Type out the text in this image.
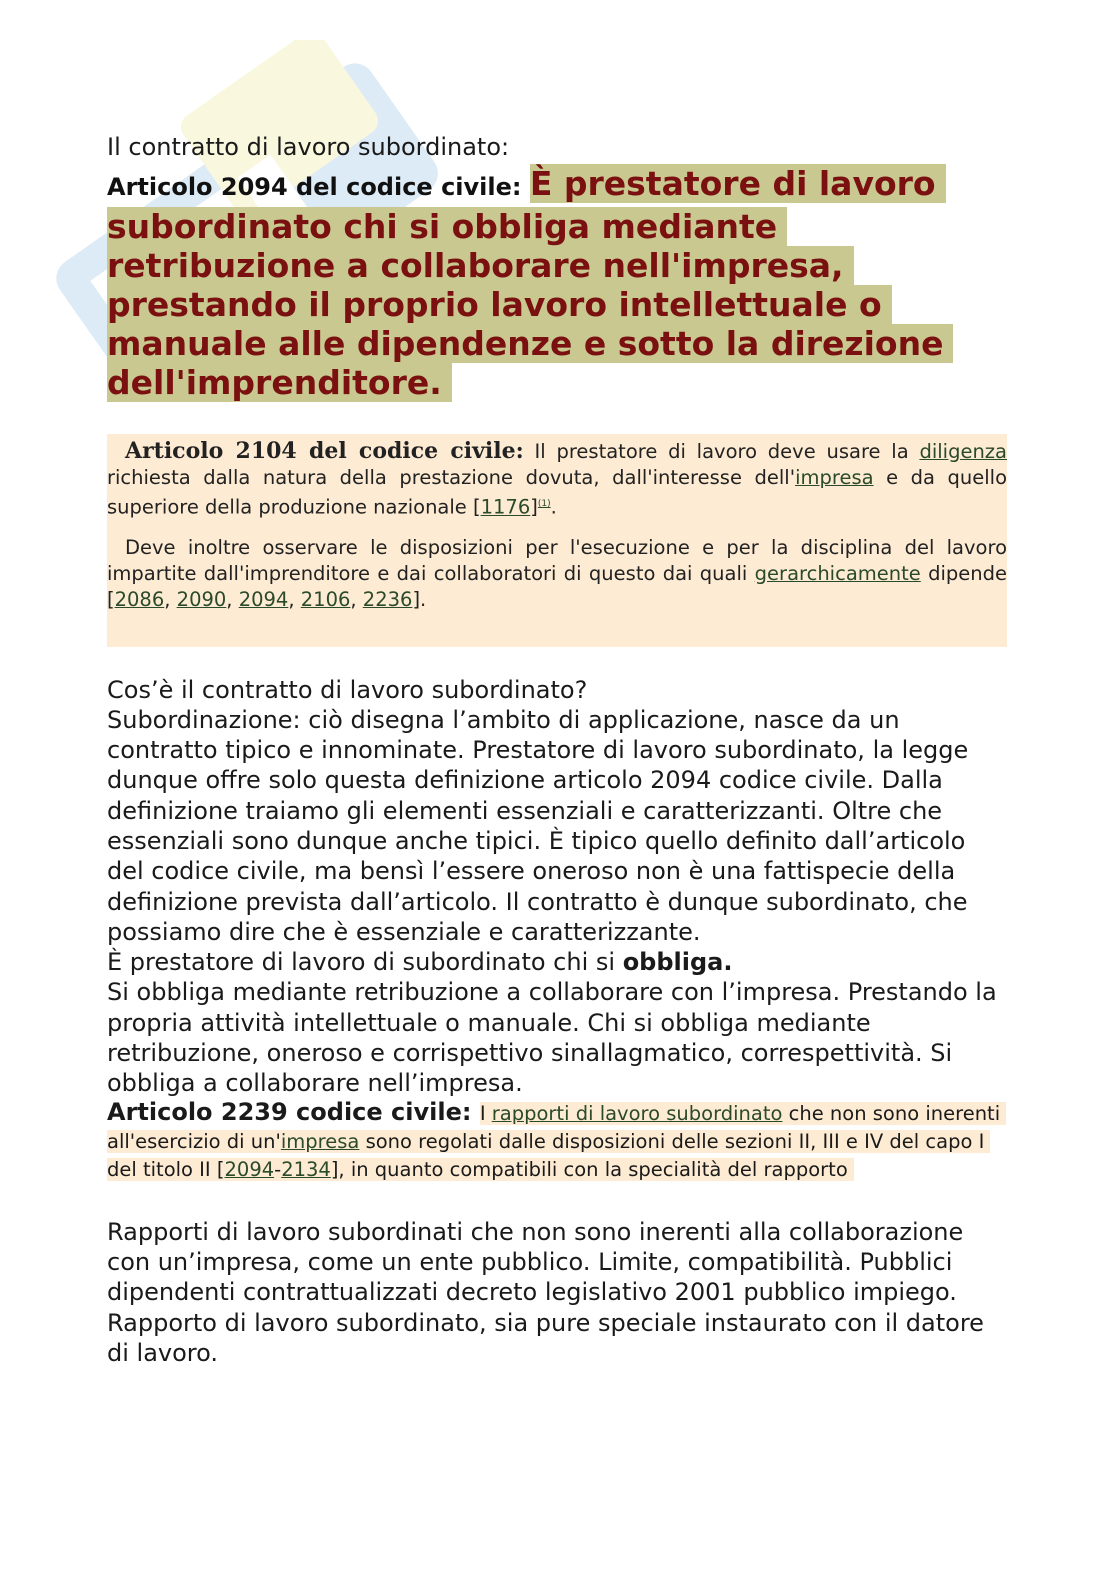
Il contratto di lavoro subordinato:

Articolo 2094 del codice civile: È prestatore di lavoro subordinato chi si obbliga mediante retribuzione a collaborare nell'impresa, prestando il proprio lavoro intellettuale o manuale alle dipendenze e sotto la direzione dell'imprenditore.

Articolo 2104 del codice civile: Il prestatore di lavoro deve usare la diligenza richiesta dalla natura della prestazione dovuta, dall'interesse dell'impresa e da quello superiore della produzione nazionale [1176]$^{(1)}$.

Deve inoltre osservare le disposizioni per l'esecuzione e per la disciplina del lavoro impartite dall'imprenditore e dai collaboratori di questo dai quali gerarchicamente dipende [2086, 2090, 2094, 2106, 2236].

Cos’è il contratto di lavoro subordinato?

Subordinazione: ciò disegna l’ambito di applicazione, nasce da un contratto tipico e innominate. Prestatore di lavoro subordinato, la legge dunque offre solo questa definizione articolo 2094 codice civile. Dalla definizione traiamo gli elementi essenziali e caratterizzanti. Oltre che essenziali sono dunque anche tipici. È tipico quello definito dall’articolo del codice civile, ma bensì l’essere oneroso non è una fattispecie della definizione prevista dall’articolo. Il contratto è dunque subordinato, che possiamo dire che è essenziale e caratterizzante.

È prestatore di lavoro di subordinato chi si obbliga.

Si obbliga mediante retribuzione a collaborare con l’impresa. Prestando la propria attività intellettuale o manuale. Chi si obbliga mediante retribuzione, oneroso e corrispettivo sinallagmatico, correspettività. Si obbliga a collaborare nell’impresa.

Articolo 2239 codice civile: I rapporti di lavoro subordinato che non sono inerenti all'esercizio di un'impresa sono regolati dalle disposizioni delle sezioni II, III e IV del capo I del titolo II [2094-2134], in quanto compatibili con la specialità del rapporto

Rapporti di lavoro subordinati che non sono inerenti alla collaborazione con un’impresa, come un ente pubblico. Limite, compatibilità. Pubblici dipendenti contrattualizzati decreto legislativo 2001 pubblico impiego.

Rapporto di lavoro subordinato, sia pure speciale instaurato con il datore di lavoro.
